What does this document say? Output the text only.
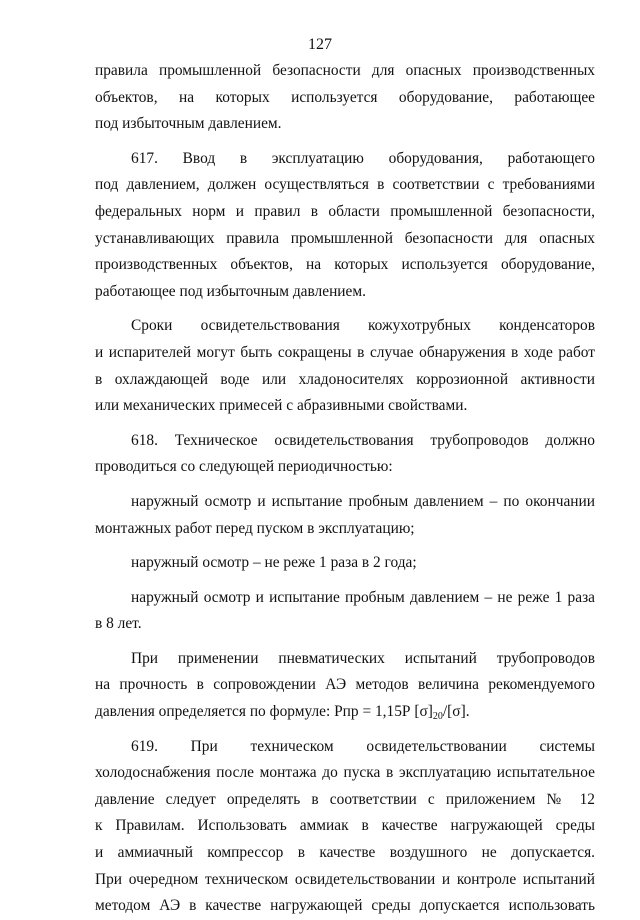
127
правила промышленной безопасности для опасных производственных
объектов, на которых используется оборудование, работающее
под избыточным давлением.
617. Ввод в эксплуатацию оборудования, работающего
под давлением, должен осуществляться в соответствии с требованиями
федеральных норм и правил в области промышленной безопасности,
устанавливающих правила промышленной безопасности для опасных
производственных объектов, на которых используется оборудование,
работающее под избыточным давлением.
Сроки освидетельствования кожухотрубных конденсаторов
и испарителей могут быть сокращены в случае обнаружения в ходе работ
в охлаждающей воде или хладоносителях коррозионной активности
или механических примесей с абразивными свойствами.
618. Техническое освидетельствования трубопроводов должно
проводиться со следующей периодичностью:
наружный осмотр и испытание пробным давлением – по окончании
монтажных работ перед пуском в эксплуатацию;
наружный осмотр – не реже 1 раза в 2 года;
наружный осмотр и испытание пробным давлением – не реже 1 раза
в 8 лет.
При применении пневматических испытаний трубопроводов
на прочность в сопровождении АЭ методов величина рекомендуемого
давления определяется по формуле: Рпр = 1,15Р $[\sigma]_{20}/[\sigma]$.
619. При техническом освидетельствовании системы
холодоснабжения после монтажа до пуска в эксплуатацию испытательное
давление следует определять в соответствии с приложением № 12
к Правилам. Использовать аммиак в качестве нагружающей среды
и аммиачный компрессор в качестве воздушного не допускается.
При очередном техническом освидетельствовании и контроле испытаний
методом АЭ в качестве нагружающей среды допускается использовать
